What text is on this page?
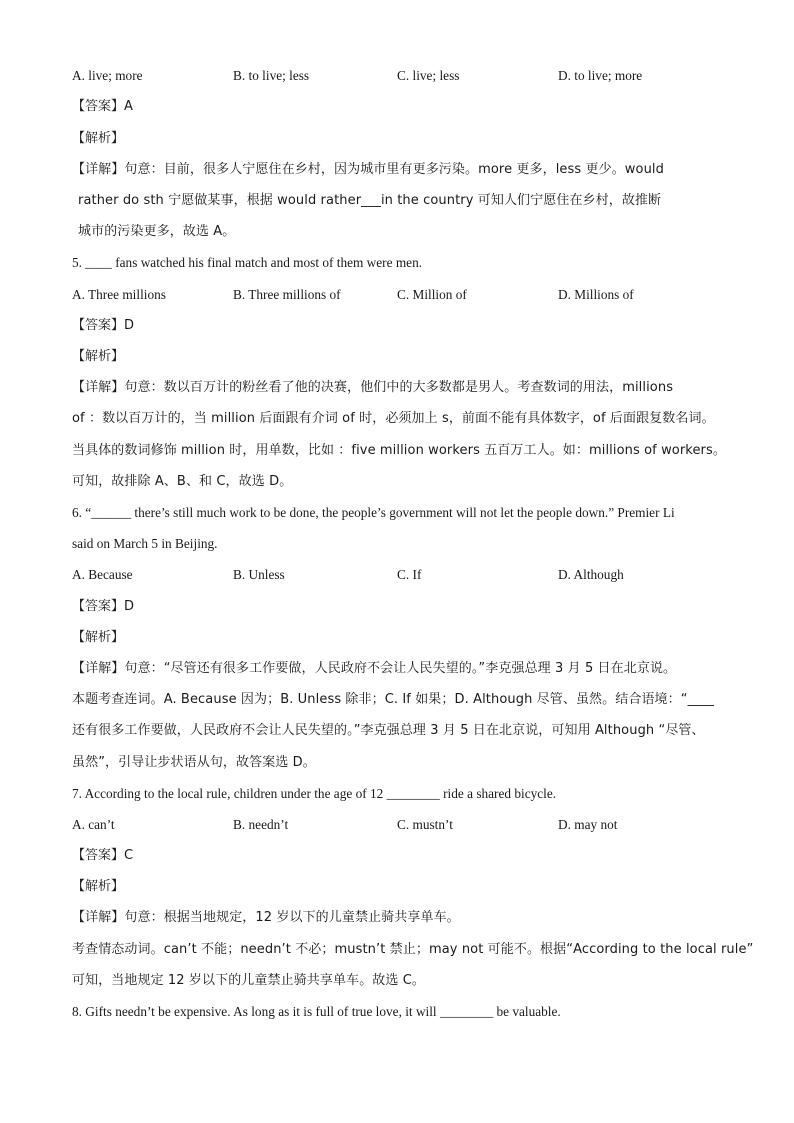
A. live; more	B. to live; less	C. live; less	D. to live; more
【答案】A
【解析】
【详解】句意：目前，很多人宁愿住在乡村，因为城市里有更多污染。more 更多，less 更少。would
rather do sth 宁愿做某事，根据 would rather___in the country 可知人们宁愿住在乡村，故推断
城市的污染更多，故选 A。
5. ____ fans watched his final match and most of them were men.
A. Three millions	B. Three millions of	C. Million of	D. Millions of
【答案】D
【解析】
【详解】句意：数以百万计的粉丝看了他的决赛，他们中的大多数都是男人。考查数词的用法，millions
of ：数以百万计的，当 million 后面跟有介词 of 时，必须加上 s，前面不能有具体数字，of 后面跟复数名词。
当具体的数词修饰 million 时，用单数，比如 ：five million workers 五百万工人。如：millions of workers。
可知，故排除 A、B、和 C，故选 D。
6. “______ there’s still much work to be done, the people’s government will not let the people down.” Premier Li
said on March 5 in Beijing.
A. Because	B. Unless	C. If	D. Although
【答案】D
【解析】
【详解】句意：“尽管还有很多工作要做，人民政府不会让人民失望的。”李克强总理 3 月 5 日在北京说。
本题考查连词。A. Because 因为；B. Unless 除非；C. If 如果；D. Although 尽管、虽然。结合语境：“____
还有很多工作要做，人民政府不会让人民失望的。”李克强总理 3 月 5 日在北京说，可知用 Although “尽管、
虽然”，引导让步状语从句，故答案选 D。
7. According to the local rule, children under the age of 12 ________ ride a shared bicycle.
A. can’t	B. needn’t	C. mustn’t	D. may not
【答案】C
【解析】
【详解】句意：根据当地规定，12 岁以下的儿童禁止骑共享单车。
考查情态动词。can’t 不能；needn’t 不必；mustn’t 禁止；may not 可能不。根据“According to the local rule”
可知，当地规定 12 岁以下的儿童禁止骑共享单车。故选 C。
8. Gifts needn’t be expensive. As long as it is full of true love, it will ________ be valuable.
